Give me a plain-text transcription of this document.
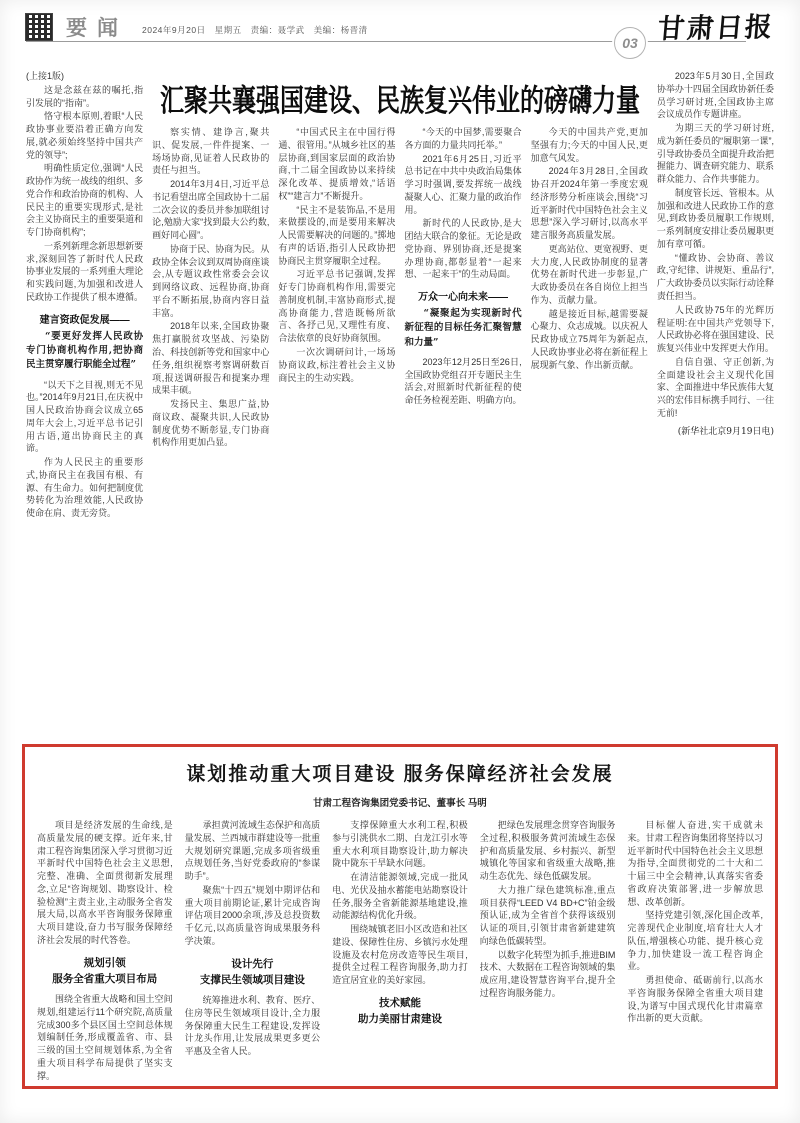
要闻 2024年9月20日　星期五　责编：聂学武　美编：杨晋清
03 甘肃日报

(上接1版)

这是念兹在兹的嘱托,指引发展的“指南”。

恪守根本原则,着眼“人民政协事业要沿着正确方向发展,就必须始终坚持中国共产党的领导”;

明确性质定位,强调“人民政协作为统一战线的组织、多党合作和政治协商的机构、人民民主的重要实现形式,是社会主义协商民主的重要渠道和专门协商机构”;

一系列新理念新思想新要求,深刻回答了新时代人民政协事业发展的一系列重大理论和实践问题,为加强和改进人民政协工作提供了根本遵循。

建言资政促发展——

“要更好发挥人民政协专门协商机构作用,把协商民主贯穿履行职能全过程”

“以天下之目视,则无不见也。”2014年9月21日,在庆祝中国人民政治协商会议成立65周年大会上,习近平总书记引用古语,道出协商民主的真谛。

作为人民民主的重要形式,协商民主在我国有根、有源、有生命力。如何把制度优势转化为治理效能,人民政协使命在肩、责无旁贷。

汇聚共襄强国建设、民族复兴伟业的磅礴力量

察实情、建诤言,聚共识、促发展,一件件提案、一场场协商,见证着人民政协的责任与担当。

2014年3月4日,习近平总书记看望出席全国政协十二届二次会议的委员并参加联组讨论,勉励大家“找到最大公约数,画好同心圆”。

协商于民、协商为民。从政协全体会议到双周协商座谈会,从专题议政性常委会会议到网络议政、远程协商,协商平台不断拓展,协商内容日益丰富。

2018年以来,全国政协聚焦打赢脱贫攻坚战、污染防治、科技创新等党和国家中心任务,组织视察考察调研数百项,报送调研报告和提案办理成果丰硕。

发扬民主、集思广益,协商议政、凝聚共识,人民政协制度优势不断彰显,专门协商机构作用更加凸显。

“中国式民主在中国行得通、很管用。”从城乡社区的基层协商,到国家层面的政治协商,十二届全国政协以来持续深化改革、提质增效,“话语权”“建言力”不断提升。

“民主不是装饰品,不是用来做摆设的,而是要用来解决人民需要解决的问题的。”掷地有声的话语,指引人民政协把协商民主贯穿履职全过程。

习近平总书记强调,发挥好专门协商机构作用,需要完善制度机制,丰富协商形式,提高协商能力,营造既畅所欲言、各抒己见,又理性有度、合法依章的良好协商氛围。

一次次调研问计,一场场协商议政,标注着社会主义协商民主的生动实践。

“今天的中国梦,需要聚合各方面的力量共同托举。”

2021年6月25日,习近平总书记在中共中央政治局集体学习时强调,要发挥统一战线凝聚人心、汇聚力量的政治作用。

新时代的人民政协,是大团结大联合的象征。无论是政党协商、界别协商,还是提案办理协商,都彰显着“一起来想、一起来干”的生动局面。

万众一心向未来——

“凝聚起为实现新时代新征程的目标任务汇聚智慧和力量”

2023年12月25日至26日,全国政协党组召开专题民主生活会,对照新时代新征程的使命任务检视差距、明确方向。

今天的中国共产党,更加坚强有力;今天的中国人民,更加意气风发。

2024年3月28日,全国政协召开2024年第一季度宏观经济形势分析座谈会,围绕“习近平新时代中国特色社会主义思想”深入学习研讨,以高水平建言服务高质量发展。

更高站位、更宽视野、更大力度,人民政协制度的显著优势在新时代进一步彰显,广大政协委员在各自岗位上担当作为、贡献力量。

越是接近目标,越需要凝心聚力、众志成城。以庆祝人民政协成立75周年为新起点,人民政协事业必将在新征程上展现新气象、作出新贡献。

2023年5月30日,全国政协举办十四届全国政协新任委员学习研讨班,全国政协主席会议成员作专题讲座。

为期三天的学习研讨班,成为新任委员的“履职第一课”,引导政协委员全面提升政治把握能力、调查研究能力、联系群众能力、合作共事能力。

制度管长远、管根本。从加强和改进人民政协工作的意见,到政协委员履职工作规则,一系列制度安排让委员履职更加有章可循。

“懂政协、会协商、善议政,守纪律、讲规矩、重品行”,广大政协委员以实际行动诠释责任担当。

人民政协75年的光辉历程证明:在中国共产党领导下,人民政协必将在强国建设、民族复兴伟业中发挥更大作用。

自信自强、守正创新,为全面建设社会主义现代化国家、全面推进中华民族伟大复兴的宏伟目标携手同行、一往无前!

(新华社北京9月19日电)

谋划推动重大项目建设 服务保障经济社会发展
甘肃工程咨询集团党委书记、董事长 马明

项目是经济发展的生命线,是高质量发展的硬支撑。近年来,甘肃工程咨询集团深入学习贯彻习近平新时代中国特色社会主义思想,完整、准确、全面贯彻新发展理念,立足“咨询规划、勘察设计、检验检测”主责主业,主动服务全省发展大局,以高水平咨询服务保障重大项目建设,奋力书写服务保障经济社会发展的时代答卷。

规划引领
服务全省重大项目布局

围绕全省重大战略和国土空间规划,组建运行11个研究院,高质量完成300多个县区国土空间总体规划编制任务,形成覆盖省、市、县三级的国土空间规划体系,为全省重大项目科学布局提供了坚实支撑。

承担黄河流域生态保护和高质量发展、兰西城市群建设等一批重大规划研究课题,完成多项省级重点规划任务,当好党委政府的“参谋助手”。

聚焦“十四五”规划中期评估和重大项目前期论证,累计完成咨询评估项目2000余项,涉及总投资数千亿元,以高质量咨询成果服务科学决策。

设计先行
支撑民生领域项目建设

统筹推进水利、教育、医疗、住房等民生领域项目设计,全力服务保障重大民生工程建设,发挥设计龙头作用,让发展成果更多更公平惠及全省人民。

支撑保障重大水利工程,积极参与引洮供水二期、白龙江引水等重大水利项目勘察设计,助力解决陇中陇东干旱缺水问题。

在清洁能源领域,完成一批风电、光伏及抽水蓄能电站勘察设计任务,服务全省新能源基地建设,推动能源结构优化升级。

围绕城镇老旧小区改造和社区建设、保障性住房、乡镇污水处理设施及农村危房改造等民生项目,提供全过程工程咨询服务,助力打造宜居宜业的美好家园。

技术赋能
助力美丽甘肃建设

把绿色发展理念贯穿咨询服务全过程,积极服务黄河流域生态保护和高质量发展、乡村振兴、新型城镇化等国家和省级重大战略,推动生态优先、绿色低碳发展。

大力推广绿色建筑标准,重点项目获得“LEED V4 BD+C”铂金级预认证,成为全省首个获得该级别认证的项目,引领甘肃省新建建筑向绿色低碳转型。

以数字化转型为抓手,推进BIM技术、大数据在工程咨询领域的集成应用,建设智慧咨询平台,提升全过程咨询服务能力。

目标催人奋进,实干成就未来。甘肃工程咨询集团将坚持以习近平新时代中国特色社会主义思想为指导,全面贯彻党的二十大和二十届三中全会精神,认真落实省委省政府决策部署,进一步解放思想、改革创新。

坚持党建引领,深化国企改革,完善现代企业制度,培育壮大人才队伍,增强核心功能、提升核心竞争力,加快建设一流工程咨询企业。

勇担使命、砥砺前行,以高水平咨询服务保障全省重大项目建设,为谱写中国式现代化甘肃篇章作出新的更大贡献。
